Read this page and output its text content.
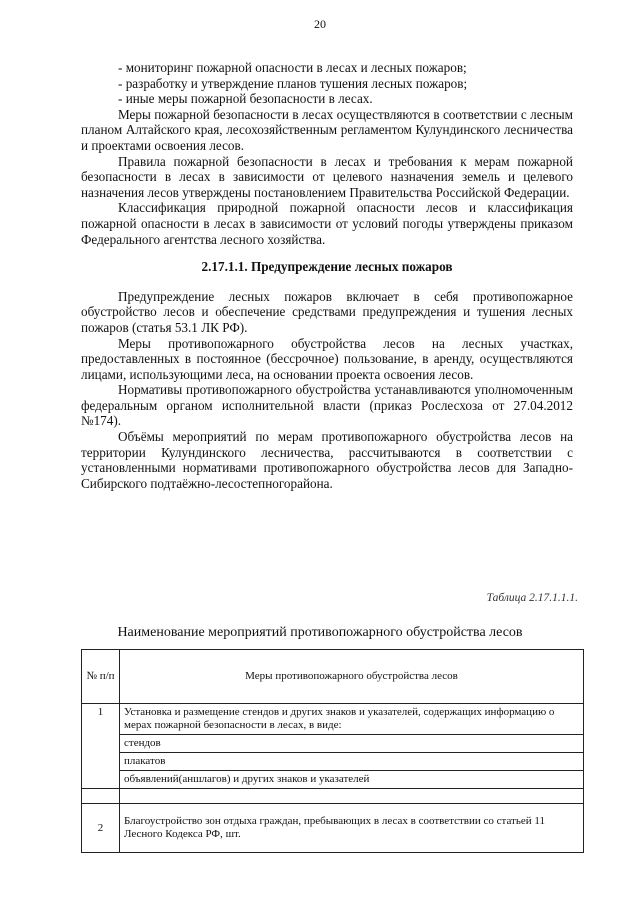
20

- мониторинг пожарной опасности в лесах и лесных пожаров;

- разработку и утверждение планов тушения лесных пожаров;

- иные меры пожарной безопасности в лесах.

Меры пожарной безопасности в лесах осуществляются в соответствии с лесным планом Алтайского края, лесохозяйственным регламентом Кулундинского лесничества и проектами освоения лесов.

Правила пожарной безопасности в лесах и требования к мерам пожарной безопасности в лесах в зависимости от целевого назначения земель и целевого назначения лесов утверждены постановлением Правительства Российской Федерации.

Классификация природной пожарной опасности лесов и классификация пожарной опасности в лесах в зависимости от условий погоды утверждены приказом Федерального агентства лесного хозяйства.

2.17.1.1. Предупреждение лесных пожаров

Предупреждение лесных пожаров включает в себя противопожарное обустройство лесов и обеспечение средствами предупреждения и тушения лесных пожаров (статья 53.1 ЛК РФ).

Меры противопожарного обустройства лесов на лесных участках, предоставленных в постоянное (бессрочное) пользование, в аренду, осуществляются лицами, использующими леса, на основании проекта освоения лесов.

Нормативы противопожарного обустройства устанавливаются уполномоченным федеральным органом исполнительной власти (приказ Рослесхоза от 27.04.2012 №174).

Объёмы мероприятий по мерам противопожарного обустройства лесов на территории Кулундинского лесничества, рассчитываются в соответствии с установленными нормативами противопожарного обустройства лесов для Западно-Сибирского подтаёжно-лесостепногорайона.

Таблица 2.17.1.1.1.
Наименование мероприятий противопожарного обустройства лесов
№ п/п	Меры противопожарного обустройства лесов
1	Установка и размещение стендов и других знаков и указателей, содержащих информацию о мерах пожарной безопасности в лесах, в виде:
	стендов
	плакатов
	объявлений(аншлагов) и других знаков и указателей

2	Благоустройство зон отдыха граждан, пребывающих в лесах в соответствии со статьей 11 Лесного Кодекса РФ, шт.
